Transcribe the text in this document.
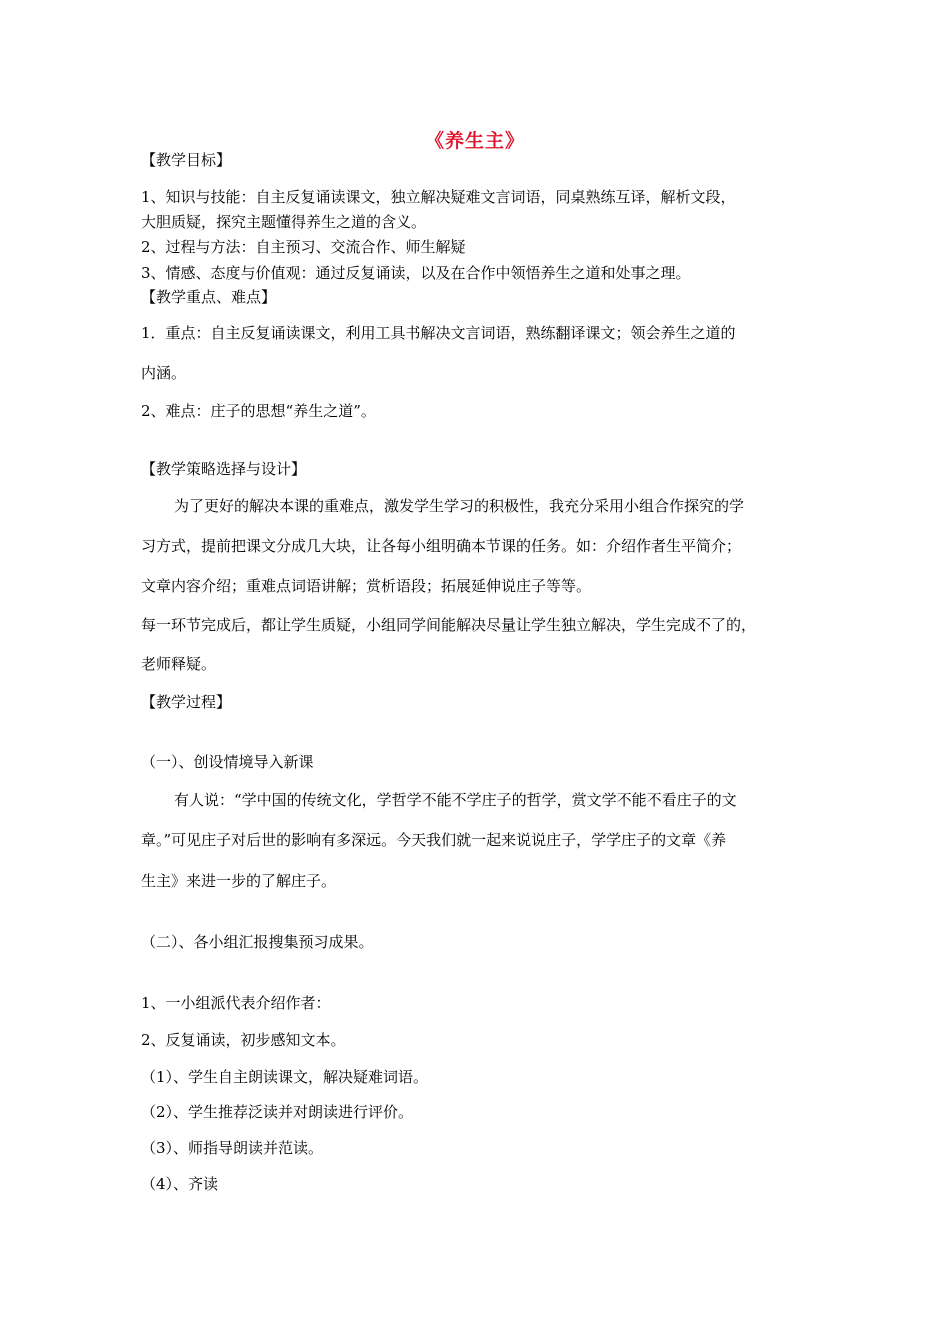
《养生主》
【教学目标】
1、知识与技能：自主反复诵读课文，独立解决疑难文言词语，同桌熟练互译，解析文段，
大胆质疑，探究主题懂得养生之道的含义。
2、过程与方法：自主预习、交流合作、师生解疑
3、情感、态度与价值观：通过反复诵读，以及在合作中领悟养生之道和处事之理。
【教学重点、难点】
1．重点：自主反复诵读课文，利用工具书解决文言词语，熟练翻译课文；领会养生之道的
内涵。
2、难点：庄子的思想“养生之道”。
【教学策略选择与设计】
为了更好的解决本课的重难点，激发学生学习的积极性，我充分采用小组合作探究的学
习方式，提前把课文分成几大块，让各每小组明确本节课的任务。如：介绍作者生平简介；
文章内容介绍；重难点词语讲解；赏析语段；拓展延伸说庄子等等。
每一环节完成后，都让学生质疑，小组同学间能解决尽量让学生独立解决，学生完成不了的，
老师释疑。
【教学过程】
（一）、创设情境导入新课
有人说：“学中国的传统文化，学哲学不能不学庄子的哲学，赏文学不能不看庄子的文
章。”可见庄子对后世的影响有多深远。今天我们就一起来说说庄子，学学庄子的文章《养
生主》来进一步的了解庄子。
（二）、各小组汇报搜集预习成果。
1、一小组派代表介绍作者：
2、反复诵读，初步感知文本。
（1）、学生自主朗读课文，解决疑难词语。
（2）、学生推荐泛读并对朗读进行评价。
（3）、师指导朗读并范读。
（4）、齐读
